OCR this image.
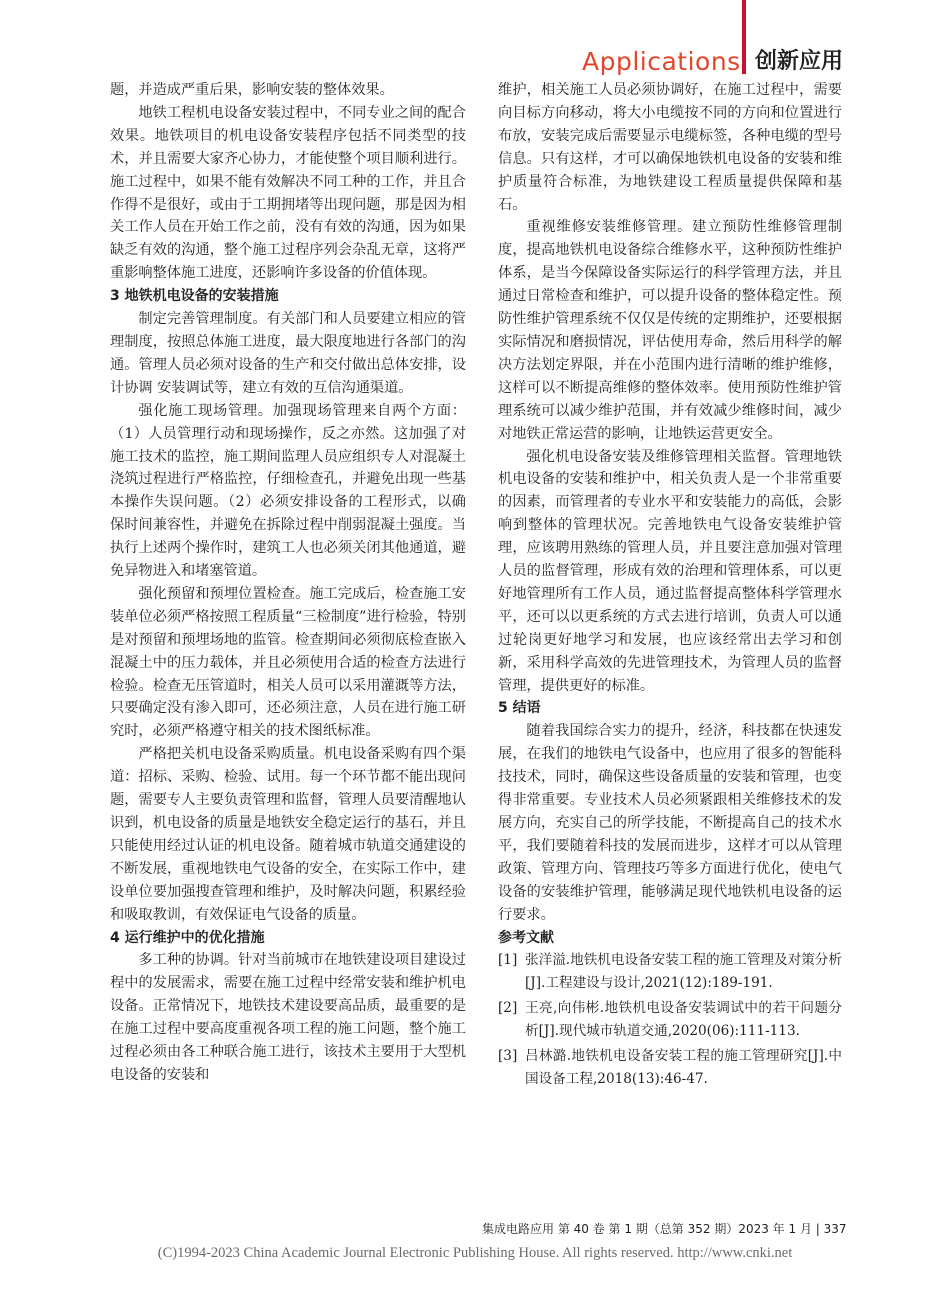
Applications 创新应用

题，并造成严重后果，影响安装的整体效果。

地铁工程机电设备安装过程中，不同专业之间的配合效果。地铁项目的机电设备安装程序包括不同类型的技术，并且需要大家齐心协力，才能使整个项目顺利进行。施工过程中，如果不能有效解决不同工种的工作，并且合作得不是很好，或由于工期拥堵等出现问题，那是因为相关工作人员在开始工作之前，没有有效的沟通，因为如果缺乏有效的沟通，整个施工过程序列会杂乱无章，这将严重影响整体施工进度，还影响许多设备的价值体现。

3 地铁机电设备的安装措施

制定完善管理制度。有关部门和人员要建立相应的管理制度，按照总体施工进度，最大限度地进行各部门的沟通。管理人员必须对设备的生产和交付做出总体安排，设计协调 安装调试等，建立有效的互信沟通渠道。

强化施工现场管理。加强现场管理来自两个方面：（1）人员管理行动和现场操作，反之亦然。这加强了对施工技术的监控，施工期间监理人员应组织专人对混凝土浇筑过程进行严格监控，仔细检查孔，并避免出现一些基本操作失误问题。（2）必须安排设备的工程形式，以确保时间兼容性，并避免在拆除过程中削弱混凝土强度。当执行上述两个操作时，建筑工人也必须关闭其他通道，避免异物进入和堵塞管道。

强化预留和预埋位置检查。施工完成后，检查施工安装单位必须严格按照工程质量“三检制度”进行检验，特别是对预留和预埋场地的监管。检查期间必须彻底检查嵌入混凝土中的压力载体，并且必须使用合适的检查方法进行检验。检查无压管道时，相关人员可以采用灌溉等方法，只要确定没有渗入即可，还必须注意，人员在进行施工研究时，必须严格遵守相关的技术图纸标准。

严格把关机电设备采购质量。机电设备采购有四个渠道：招标、采购、检验、试用。每一个环节都不能出现问题，需要专人主要负责管理和监督，管理人员要清醒地认识到，机电设备的质量是地铁安全稳定运行的基石，并且只能使用经过认证的机电设备。随着城市轨道交通建设的不断发展，重视地铁电气设备的安全，在实际工作中，建设单位要加强搜查管理和维护，及时解决问题，积累经验和吸取教训，有效保证电气设备的质量。

4 运行维护中的优化措施

多工种的协调。针对当前城市在地铁建设项目建设过程中的发展需求，需要在施工过程中经常安装和维护机电设备。正常情况下，地铁技术建设要高品质，最重要的是在施工过程中要高度重视各项工程的施工问题，整个施工过程必须由各工种联合施工进行，该技术主要用于大型机电设备的安装和

维护，相关施工人员必须协调好，在施工过程中，需要向目标方向移动，将大小电缆按不同的方向和位置进行布放，安装完成后需要显示电缆标签，各种电缆的型号信息。只有这样，才可以确保地铁机电设备的安装和维护质量符合标准，为地铁建设工程质量提供保障和基石。

重视维修安装维修管理。建立预防性维修管理制度，提高地铁机电设备综合维修水平，这种预防性维护体系，是当今保障设备实际运行的科学管理方法，并且通过日常检查和维护，可以提升设备的整体稳定性。预防性维护管理系统不仅仅是传统的定期维护，还要根据实际情况和磨损情况，评估使用寿命，然后用科学的解决方法划定界限，并在小范围内进行清晰的维护维修，这样可以不断提高维修的整体效率。使用预防性维护管理系统可以减少维护范围，并有效减少维修时间，减少对地铁正常运营的影响，让地铁运营更安全。

强化机电设备安装及维修管理相关监督。管理地铁机电设备的安装和维护中，相关负责人是一个非常重要的因素，而管理者的专业水平和安装能力的高低，会影响到整体的管理状况。完善地铁电气设备安装维护管理，应该聘用熟练的管理人员，并且要注意加强对管理人员的监督管理，形成有效的治理和管理体系，可以更好地管理所有工作人员，通过监督提高整体科学管理水平，还可以以更系统的方式去进行培训，负责人可以通过轮岗更好地学习和发展，也应该经常出去学习和创新，采用科学高效的先进管理技术，为管理人员的监督管理，提供更好的标准。

5 结语

随着我国综合实力的提升，经济，科技都在快速发展，在我们的地铁电气设备中，也应用了很多的智能科技技术，同时，确保这些设备质量的安装和管理，也变得非常重要。专业技术人员必须紧跟相关维修技术的发展方向，充实自己的所学技能，不断提高自己的技术水平，我们要随着科技的发展而进步，这样才可以从管理政策、管理方向、管理技巧等多方面进行优化，使电气设备的安装维护管理，能够满足现代地铁机电设备的运行要求。

参考文献

[1] 张洋溢.地铁机电设备安装工程的施工管理及对策分析[J].工程建设与设计,2021(12):189-191.
[2] 王亮,向伟彬.地铁机电设备安装调试中的若干问题分析[J].现代城市轨道交通,2020(06):111-113.
[3] 吕林潞.地铁机电设备安装工程的施工管理研究[J].中国设备工程,2018(13):46-47.
集成电路应用 第 40 卷 第 1 期（总第 352 期）2023 年 1 月 | 337
(C)1994-2023 China Academic Journal Electronic Publishing House. All rights reserved. http://www.cnki.net
